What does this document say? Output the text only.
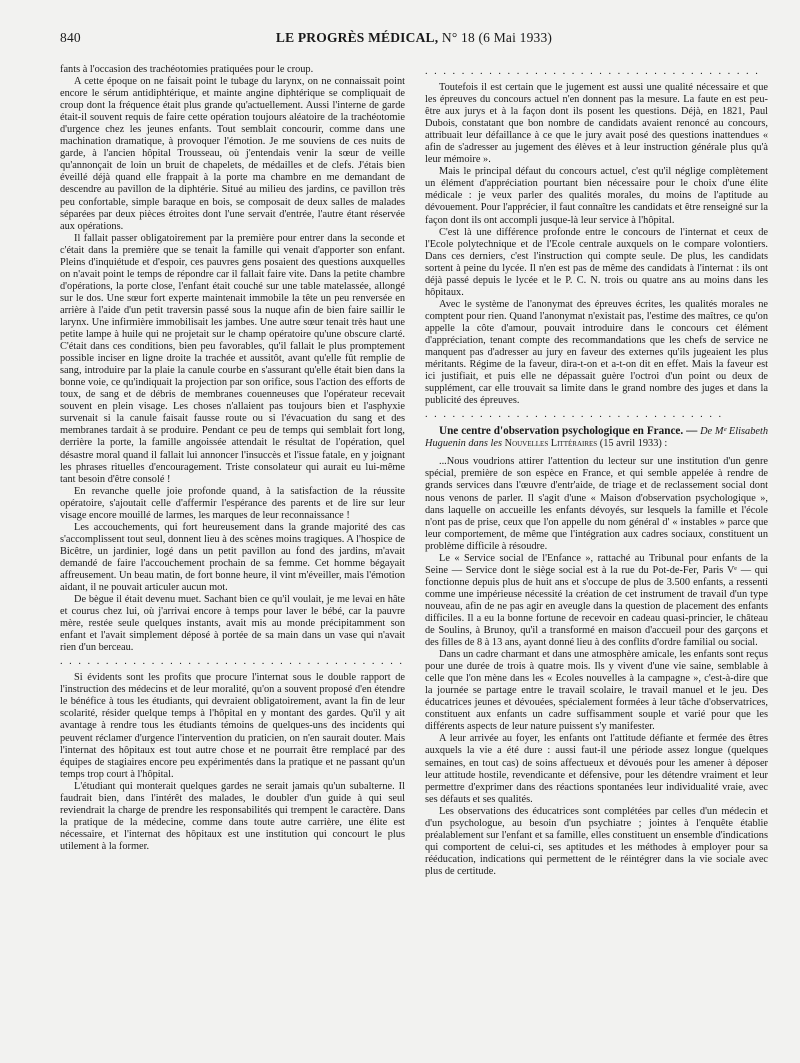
840	LE PROGRÈS MÉDICAL, N° 18 (6 Mai 1933)

fants à l'occasion des trachéotomies pratiquées pour le croup.

A cette époque on ne faisait point le tubage du larynx, on ne connaissait point encore le sérum antidiphtérique, et mainte angine diphtérique se compliquait de croup dont la fréquence était plus grande qu'actuellement. Aussi l'interne de garde était-il souvent requis de faire cette opération toujours aléatoire de la trachéotomie d'urgence chez les jeunes enfants. Tout semblait concourir, comme dans une machination dramatique, à provoquer l'émotion. Je me souviens de ces nuits de garde, à l'ancien hôpital Trousseau, où j'entendais venir la sœur de veille qu'annonçait de loin un bruit de chapelets, de médailles et de clefs. J'étais bien éveillé déjà quand elle frappait à la porte ma chambre en me demandant de descendre au pavillon de la diphtérie. Situé au milieu des jardins, ce pavillon très peu confortable, simple baraque en bois, se composait de deux salles de malades séparées par deux pièces étroites dont l'une servait d'entrée, l'autre étant réservée aux opérations.

Il fallait passer obligatoirement par la première pour entrer dans la seconde et c'était dans la première que se tenait la famille qui venait d'apporter son enfant. Pleins d'inquiétude et d'espoir, ces pauvres gens posaient des questions auxquelles on n'avait point le temps de répondre car il fallait faire vite. Dans la petite chambre d'opérations, la porte close, l'enfant était couché sur une table matelassée, allongé sur le dos. Une sœur fort experte maintenait immobile la tête un peu renversée en arrière à l'aide d'un petit traversin passé sous la nuque afin de bien faire saillir le larynx. Une infirmière immobilisait les jambes. Une autre sœur tenait très haut une petite lampe à huile qui ne projetait sur le champ opératoire qu'une obscure clarté. C'était dans ces conditions, bien peu favorables, qu'il fallait le plus promptement possible inciser en ligne droite la trachée et aussitôt, avant qu'elle fût remplie de sang, introduire par la plaie la canule courbe en s'assurant qu'elle était bien dans la bonne voie, ce qu'indiquait la projection par son orifice, sous l'action des efforts de toux, de sang et de débris de membranes couenneuses que l'opérateur recevait souvent en plein visage. Les choses n'allaient pas toujours bien et l'asphyxie survenait si la canule faisait fausse route ou si l'évacuation du sang et des membranes tardait à se produire. Pendant ce peu de temps qui semblait fort long, derrière la porte, la famille angoissée attendait le résultat de l'opération, quel désastre moral quand il fallait lui annoncer l'insuccès et l'issue fatale, en y joignant les phrases rituelles d'encouragement. Triste consolateur qui aurait eu lui-même tant besoin d'être consolé !

En revanche quelle joie profonde quand, à la satisfaction de la réussite opératoire, s'ajoutait celle d'affermir l'espérance des parents et de lire sur leur visage encore mouillé de larmes, les marques de leur reconnaissance !

Les accouchements, qui fort heureusement dans la grande majorité des cas s'accomplissent tout seul, donnent lieu à des scènes moins tragiques. A l'hospice de Bicêtre, un jardinier, logé dans un petit pavillon au fond des jardins, m'avait demandé de faire l'accouchement prochain de sa femme. Cet homme bégayait affreusement. Un beau matin, de fort bonne heure, il vint m'éveiller, mais l'émotion aidant, il ne pouvait articuler aucun mot.

De bègue il était devenu muet. Sachant bien ce qu'il voulait, je me levai en hâte et courus chez lui, où j'arrivai encore à temps pour laver le bébé, car la pauvre mère, restée seule quelques instants, avait mis au monde précipitamment son enfant et l'avait simplement déposé à portée de sa main dans un vase qui n'avait rien d'un berceau.

. . . . . . . . . . . . . . . . . . . . . . . . . . . . . . . . . . . . . .

Si évidents sont les profits que procure l'internat sous le double rapport de l'instruction des médecins et de leur moralité, qu'on a souvent proposé d'en étendre le bénéfice à tous les étudiants, qui devraient obligatoirement, avant la fin de leur scolarité, résider quelque temps à l'hôpital en y montant des gardes. Qu'il y ait avantage à rendre tous les étudiants témoins de quelques-uns des incidents qui peuvent réclamer d'urgence l'intervention du praticien, on n'en saurait douter. Mais l'internat des hôpitaux est tout autre chose et ne pourrait être remplacé par des équipes de stagiaires encore peu expérimentés dans la pratique et ne passant qu'un temps trop court à l'hôpital.

L'étudiant qui monterait quelques gardes ne serait jamais qu'un subalterne. Il faudrait bien, dans l'intérêt des malades, le doubler d'un guide à qui seul reviendrait la charge de prendre les responsabilités qui trempent le caractère. Dans la pratique de la médecine, comme dans toute autre carrière, une élite est nécessaire, et l'internat des hôpitaux est une institution qui concourt le plus utilement à la former.

. . . . . . . . . . . . . . . . . . . . . . . . . . . . . . . . . . . . .

Toutefois il est certain que le jugement est aussi une qualité nécessaire et que les épreuves du concours actuel n'en donnent pas la mesure. La faute en est peu-être aux jurys et à la façon dont ils posent les questions. Déjà, en 1821, Paul Dubois, constatant que bon nombre de candidats avaient renoncé au concours, attribuait leur défaillance à ce que le jury avait posé des questions inattendues « afin de s'adresser au jugement des élèves et à leur instruction générale plus qu'à leur mémoire ».

Mais le principal défaut du concours actuel, c'est qu'il néglige complètement un élément d'appréciation pourtant bien nécessaire pour le choix d'une élite médicale : je veux parler des qualités morales, du moins de l'aptitude au dévouement. Pour l'apprécier, il faut connaître les candidats et être renseigné sur la façon dont ils ont accompli jusque-là leur service à l'hôpital.

C'est là une différence profonde entre le concours de l'internat et ceux de l'Ecole polytechnique et de l'Ecole centrale auxquels on le compare volontiers. Dans ces derniers, c'est l'instruction qui compte seule. De plus, les candidats sortent à peine du lycée. Il n'en est pas de même des candidats à l'internat : ils ont déjà passé depuis le lycée et le P. C. N. trois ou quatre ans au moins dans les hôpitaux.

Avec le système de l'anonymat des épreuves écrites, les qualités morales ne comptent pour rien. Quand l'anonymat n'existait pas, l'estime des maîtres, ce qu'on appelle la côte d'amour, pouvait introduire dans le concours cet élément d'appréciation, tenant compte des recommandations que les chefs de service ne manquent pas d'adresser au jury en faveur des externes qu'ils jugeaient les plus méritants. Régime de la faveur, dira-t-on et a-t-on dit en effet. Mais la faveur est ici justifiait, et puis elle ne dépassait guère l'octroi d'un point ou deux de supplément, car elle trouvait sa limite dans le grand nombre des juges et dans la publicité des épreuves.

. . . . . . . . . . . . . . . . . . . . . . . . . . . . . . . . .

Une centre d'observation psychologique en France. — De Mᵉ Elisabeth Huguenin dans les Nouvelles Littéraires (15 avril 1933) :

...Nous voudrions attirer l'attention du lecteur sur une institution d'un genre spécial, première de son espèce en France, et qui semble appelée à rendre de grands services dans l'œuvre d'entr'aide, de triage et de reclassement social dont nous venons de parler. Il s'agit d'une « Maison d'observation psychologique », dans laquelle on accueille les enfants dévoyés, sur lesquels la famille et l'école n'ont pas de prise, ceux que l'on appelle du nom général d' « instables » parce que leur comportement, de même que l'intégration aux cadres sociaux, constituent un problème difficile à résoudre.

Le « Service social de l'Enfance », rattaché au Tribunal pour enfants de la Seine — Service dont le siège social est à la rue du Pot-de-Fer, Paris Vᵉ — qui fonctionne depuis plus de huit ans et s'occupe de plus de 3.500 enfants, a ressenti comme une impérieuse nécessité la création de cet instrument de travail d'un type nouveau, afin de ne pas agir en aveugle dans la question de placement des enfants difficiles. Il a eu la bonne fortune de recevoir en cadeau quasi-princier, le château de Soulins, à Brunoy, qu'il a transformé en maison d'accueil pour des garçons et des filles de 8 à 13 ans, ayant donné lieu à des conflits d'ordre familial ou social.

Dans un cadre charmant et dans une atmosphère amicale, les enfants sont reçus pour une durée de trois à quatre mois. Ils y vivent d'une vie saine, semblable à celle que l'on mène dans les « Ecoles nouvelles à la campagne », c'est-à-dire que la journée se partage entre le travail scolaire, le travail manuel et le jeu. Des éducatrices jeunes et dévouées, spécialement formées à leur tâche d'observatrices, constituent aux enfants un cadre suffisamment souple et varié pour que les différents aspects de leur nature puissent s'y manifester.

A leur arrivée au foyer, les enfants ont l'attitude défiante et fermée des êtres auxquels la vie a été dure : aussi faut-il une période assez longue (quelques semaines, en tout cas) de soins affectueux et dévoués pour les amener à déposer leur attitude hostile, revendicante et défensive, pour les détendre vraiment et leur permettre d'exprimer dans des réactions spontanées leur individualité vraie, avec ses défauts et ses qualités.

Les observations des éducatrices sont complétées par celles d'un médecin et d'un psychologue, au besoin d'un psychiatre ; jointes à l'enquête établie préalablement sur l'enfant et sa famille, elles constituent un ensemble d'indications qui comportent de celui-ci, ses aptitudes et les méthodes à employer pour sa rééducation, indications qui permettent de le réintégrer dans la vie sociale avec plus de certitude.
